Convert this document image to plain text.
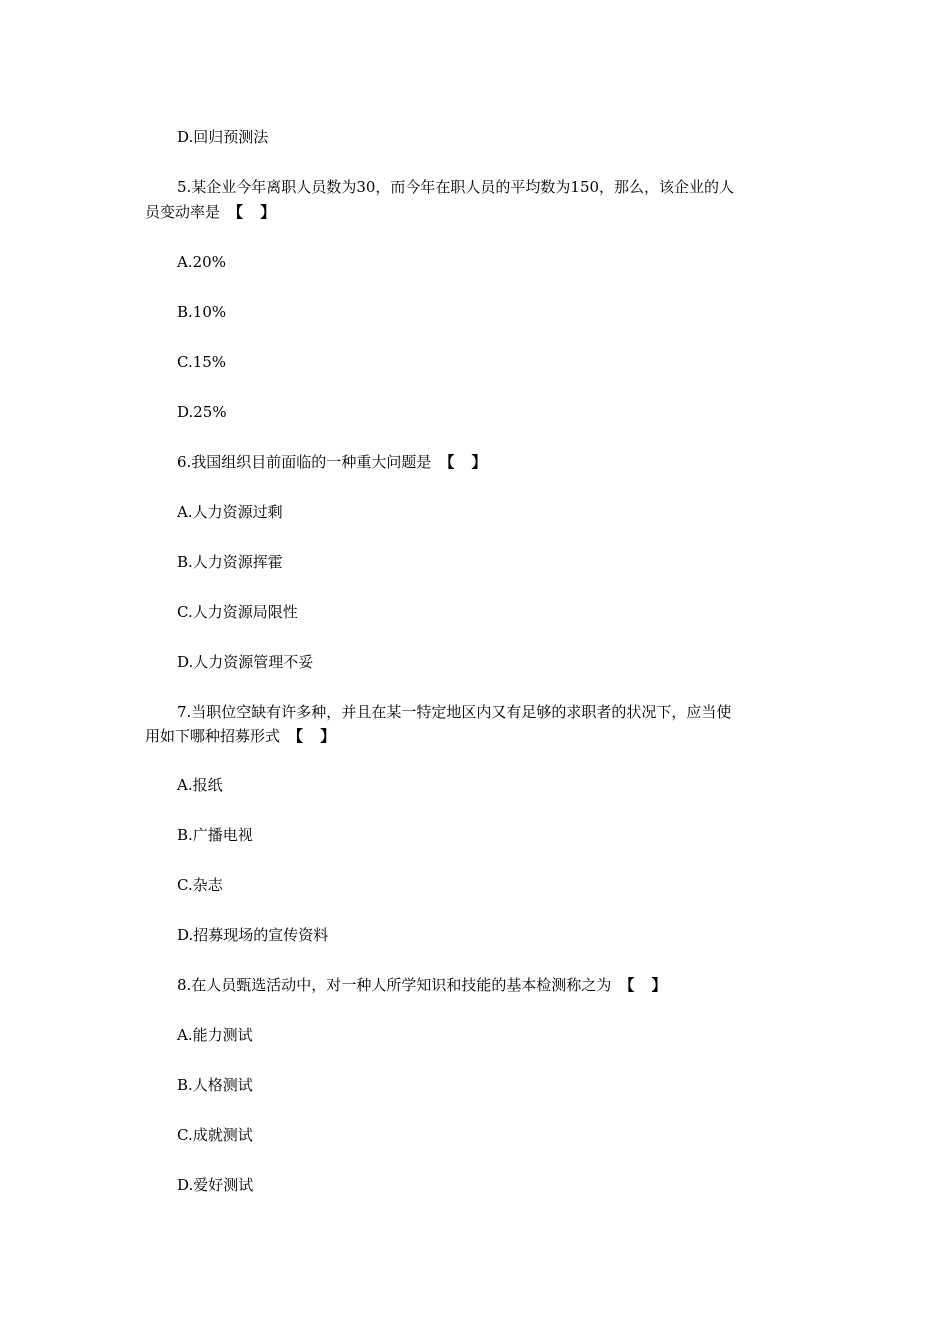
D.回归预测法
5.某企业今年离职人员数为30，而今年在职人员的平均数为150，那么，该企业的人
员变动率是 【 】
A.20%
B.10%
C.15%
D.25%
6.我国组织目前面临的一种重大问题是 【 】
A.人力资源过剩
B.人力资源挥霍
C.人力资源局限性
D.人力资源管理不妥
7.当职位空缺有许多种，并且在某一特定地区内又有足够的求职者的状况下，应当使
用如下哪种招募形式 【 】
A.报纸
B.广播电视
C.杂志
D.招募现场的宣传资料
8.在人员甄选活动中，对一种人所学知识和技能的基本检测称之为 【 】
A.能力测试
B.人格测试
C.成就测试
D.爱好测试
